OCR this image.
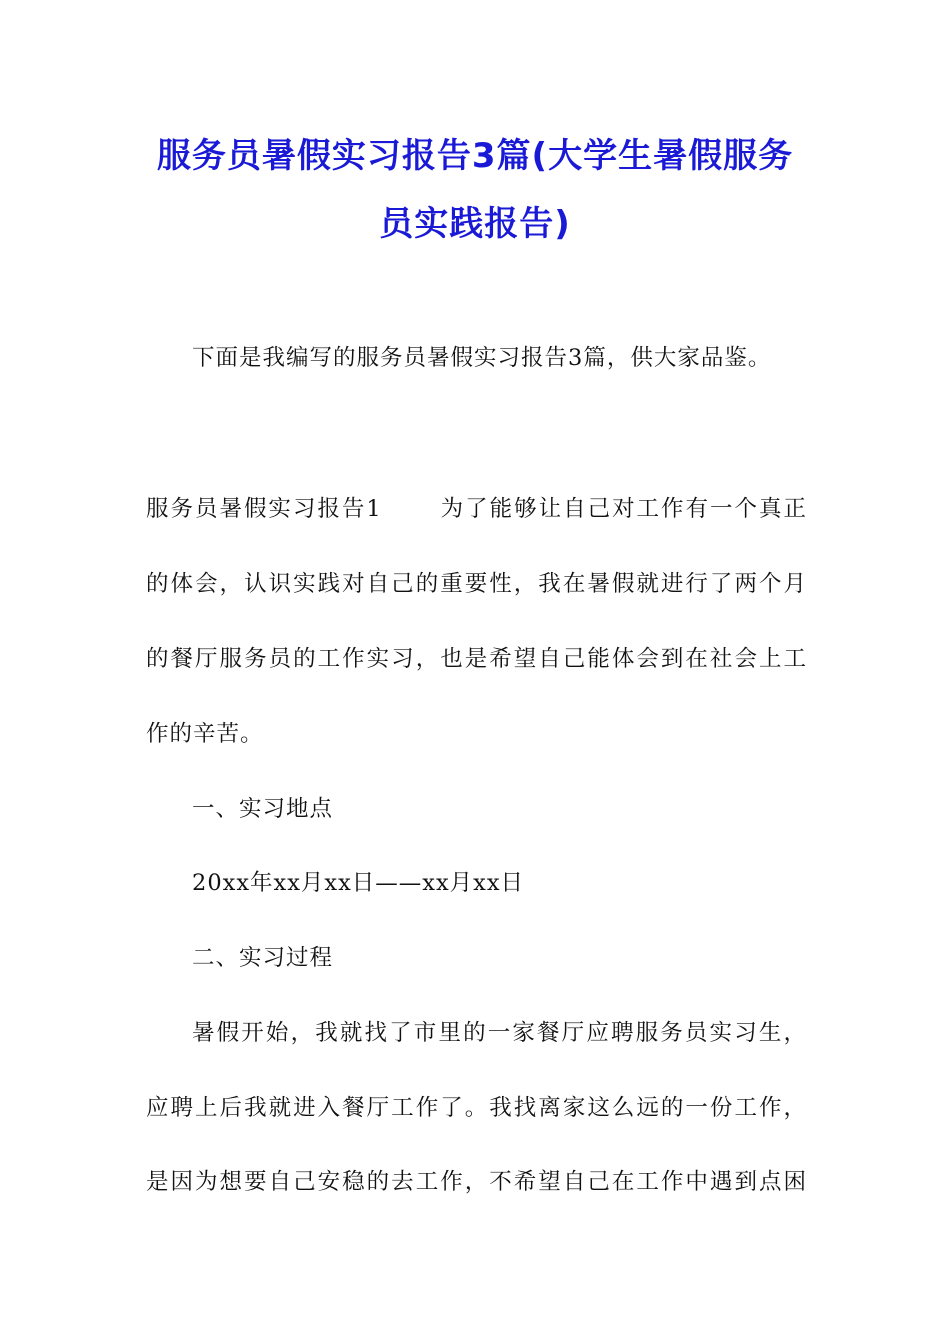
服务员暑假实习报告3篇(大学生暑假服务
员实践报告)
下面是我编写的服务员暑假实习报告3篇，供大家品鉴。
服务员暑假实习报告1	为了能够让自己对工作有一个真正
的体会，认识实践对自己的重要性，我在暑假就进行了两个月
的餐厅服务员的工作实习，也是希望自己能体会到在社会上工
作的辛苦。
一、实习地点
20xx年xx月xx日——xx月xx日
二、实习过程
暑假开始，我就找了市里的一家餐厅应聘服务员实习生，
应聘上后我就进入餐厅工作了。我找离家这么远的一份工作，
是因为想要自己安稳的去工作，不希望自己在工作中遇到点困
